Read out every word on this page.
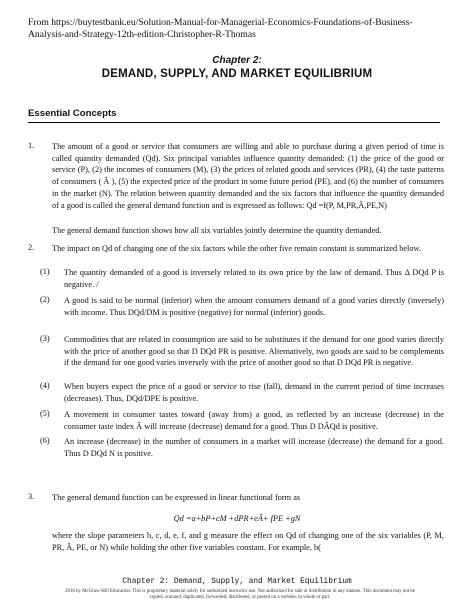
From https://buytestbank.eu/Solution-Manual-for-Managerial-Economics-Foundations-of-Business-Analysis-and-Strategy-12th-edition-Christopher-R-Thomas
Chapter 2:
DEMAND, SUPPLY, AND MARKET EQUILIBRIUM
Essential Concepts
1. The amount of a good or service that consumers are willing and able to purchase during a given period of time is called quantity demanded (Qd). Six principal variables influence quantity demanded: (1) the price of the good or service (P), (2) the incomes of consumers (M), (3) the prices of related goods and services (PR), (4) the taste patterns of consumers ( Â ), (5) the expected price of the product in some future period (PE), and (6) the number of consumers in the market (N). The relation between quantity demanded and the six factors that influence the quantity demanded of a good is called the general demand function and is expressed as follows: Qd =f(P, M,PR,Â,PE,N)
The general demand function shows how all six variables jointly determine the quantity demanded.
2. The impact on Qd of changing one of the six factors while the other five remain constant is summarized below.
(1) The quantity demanded of a good is inversely related to its own price by the law of demand. Thus Δ DQd P is negative. /
(2) A good is said to be normal (inferior) when the amount consumers demand of a good varies directly (inversely) with income. Thus DQd/DM is positive (negative) for normal (inferior) goods.
(3) Commodities that are related in consumption are said to be substitutes if the demand for one good varies directly with the price of another good so that D DQd PR is positive. Alternatively, two goods are said to be complements if the demand for one good varies inversely with the price of another good so that D DQd PR is negative.
(4) When buyers expect the price of a good or service to rise (fall), demand in the current period of time increases (decreases). Thus, DQd/DPE is positive.
(5) A movement in consumer tastes toward (away from) a good, as reflected by an increase (decrease) in the consumer taste index Â will increase (decrease) demand for a good. Thus D DÂQd is positive.
(6) An increase (decrease) in the number of consumers in a market will increase (decrease) the demand for a good. Thus D DQd N is positive.
3. The general demand function can be expressed in linear functional form as
Qd =a+bP+cM +dPR+eÂ+ fPE +gN
where the slope parameters b, c, d, e, f, and g measure the effect on Qd of changing one of the six variables (P, M, PR, Â, PE, or N) while holding the other five variables constant. For example, b(
Chapter 2: Demand, Supply, and Market Equilibrium
2016 by McGraw-Hill Education. This is proprietary material solely for authorized instructor use. Not authorized for sale or distribution in any manner. This document may not be copied, scanned, duplicated, forwarded, distributed, or posted on a website, in whole or part.
